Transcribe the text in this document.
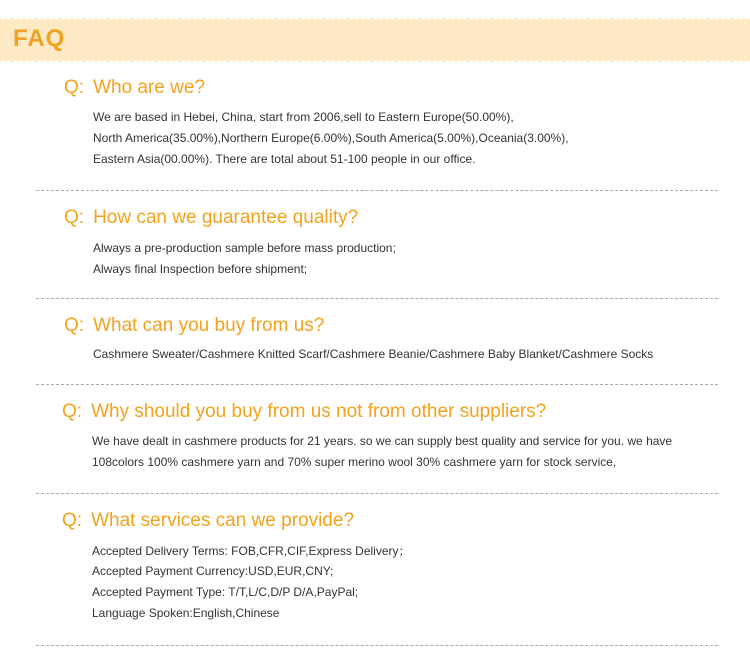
FAQ
Q: Who are we?
We are based in Hebei, China, start from 2006,sell to Eastern Europe(50.00%),
North America(35.00%),Northern Europe(6.00%),South America(5.00%),Oceania(3.00%),
Eastern Asia(00.00%). There are total about 51-100 people in our office.
Q: How can we guarantee quality?
Always a pre-production sample before mass production;
Always final Inspection before shipment;
Q: What can you buy from us?
Cashmere Sweater/Cashmere Knitted Scarf/Cashmere Beanie/Cashmere Baby Blanket/Cashmere Socks
Q: Why should you buy from us not from other suppliers?
We have dealt in cashmere products for 21 years. so we can supply best quality and service for you. we have
108colors 100% cashmere yarn and 70% super merino wool 30% cashmere yarn for stock service,
Q: What services can we provide?
Accepted Delivery Terms: FOB,CFR,CIF,Express Delivery；
Accepted Payment Currency:USD,EUR,CNY;
Accepted Payment Type: T/T,L/C,D/P D/A,PayPal;
Language Spoken:English,Chinese
